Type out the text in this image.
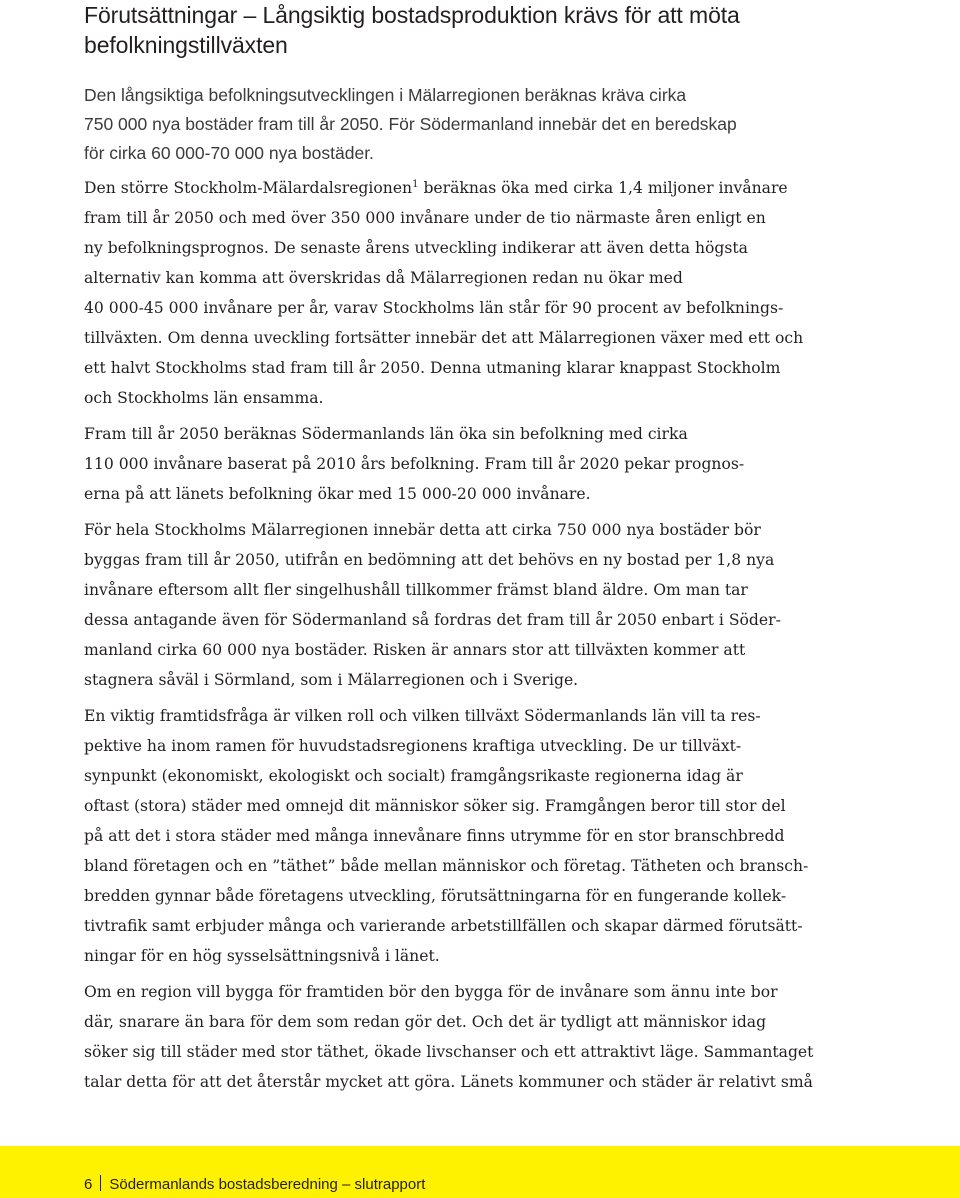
Förutsättningar – Långsiktig bostadsproduktion krävs för att möta
befolkningstillväxten

Den långsiktiga befolkningsutvecklingen i Mälarregionen beräknas kräva cirka
750 000 nya bostäder fram till år 2050. För Södermanland innebär det en beredskap
för cirka 60 000-70 000 nya bostäder.

Den större Stockholm-Mälardalsregionen$^1$ beräknas öka med cirka 1,4 miljoner invånare
fram till år 2050 och med över 350 000 invånare under de tio närmaste åren enligt en
ny befolkningsprognos. De senaste årens utveckling indikerar att även detta högsta
alternativ kan komma att överskridas då Mälarregionen redan nu ökar med
40 000-45 000 invånare per år, varav Stockholms län står för 90 procent av befolknings-
tillväxten. Om denna uveckling fortsätter innebär det att Mälarregionen växer med ett och
ett halvt Stockholms stad fram till år 2050. Denna utmaning klarar knappast Stockholm
och Stockholms län ensamma.

Fram till år 2050 beräknas Södermanlands län öka sin befolkning med cirka
110 000 invånare baserat på 2010 års befolkning. Fram till år 2020 pekar prognos-
erna på att länets befolkning ökar med 15 000-20 000 invånare.

För hela Stockholms Mälarregionen innebär detta att cirka 750 000 nya bostäder bör
byggas fram till år 2050, utifrån en bedömning att det behövs en ny bostad per 1,8 nya
invånare eftersom allt fler singelhushåll tillkommer främst bland äldre. Om man tar
dessa antagande även för Södermanland så fordras det fram till år 2050 enbart i Söder-
manland cirka 60 000 nya bostäder. Risken är annars stor att tillväxten kommer att
stagnera såväl i Sörmland, som i Mälarregionen och i Sverige.

En viktig framtidsfråga är vilken roll och vilken tillväxt Södermanlands län vill ta res-
pektive ha inom ramen för huvudstadsregionens kraftiga utveckling. De ur tillväxt-
synpunkt (ekonomiskt, ekologiskt och socialt) framgångsrikaste regionerna idag är
oftast (stora) städer med omnejd dit människor söker sig. Framgången beror till stor del
på att det i stora städer med många innevånare finns utrymme för en stor branschbredd
bland företagen och en ”täthet” både mellan människor och företag. Tätheten och bransch-
bredden gynnar både företagens utveckling, förutsättningarna för en fungerande kollek-
tivtrafik samt erbjuder många och varierande arbetstillfällen och skapar därmed förutsätt-
ningar för en hög sysselsättningsnivå i länet.

Om en region vill bygga för framtiden bör den bygga för de invånare som ännu inte bor
där, snarare än bara för dem som redan gör det. Och det är tydligt att människor idag
söker sig till städer med stor täthet, ökade livschanser och ett attraktivt läge. Sammantaget
talar detta för att det återstår mycket att göra. Länets kommuner och städer är relativt små

6 Södermanlands bostadsberedning – slutrapport
